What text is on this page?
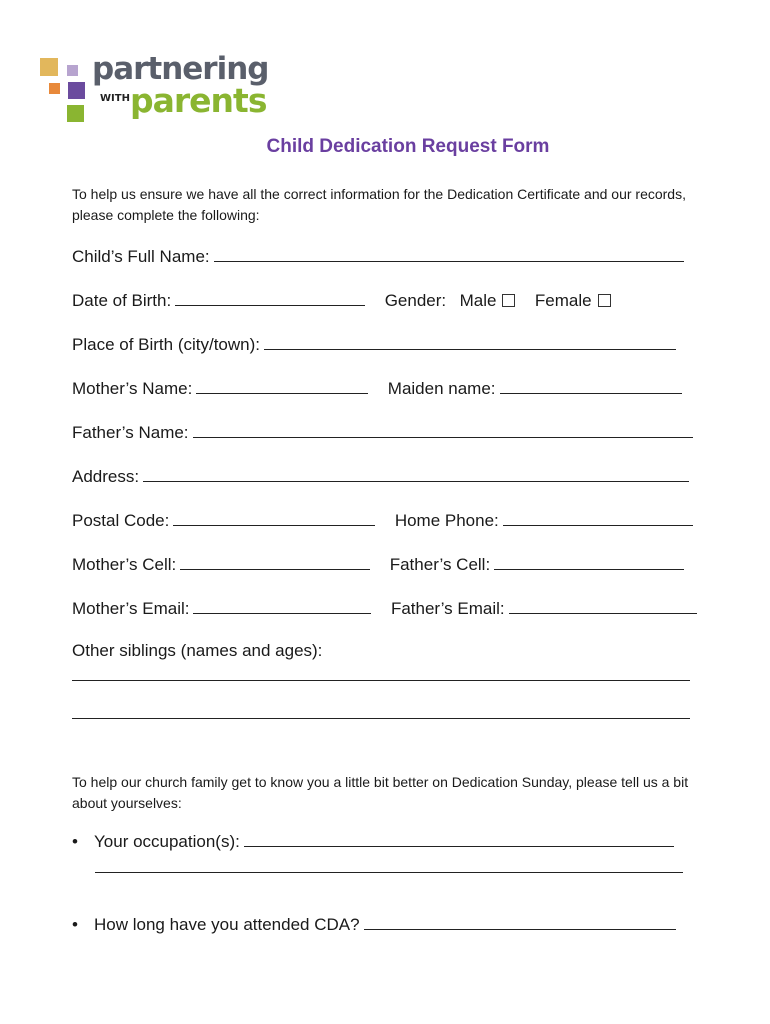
partnering
WITH parents
Child Dedication Request Form
To help us ensure we have all the correct information for the Dedication Certificate and our records, please complete the following:
Child’s Full Name:
Date of Birth:	Gender: Male Female
Place of Birth (city/town):
Mother’s Name:	Maiden name:
Father’s Name:
Address:
Postal Code:	Home Phone:
Mother’s Cell:	Father’s Cell:
Mother’s Email:	Father’s Email:
Other siblings (names and ages):
To help our church family get to know you a little bit better on Dedication Sunday, please tell us a bit about yourselves:
• Your occupation(s):
• How long have you attended CDA?
